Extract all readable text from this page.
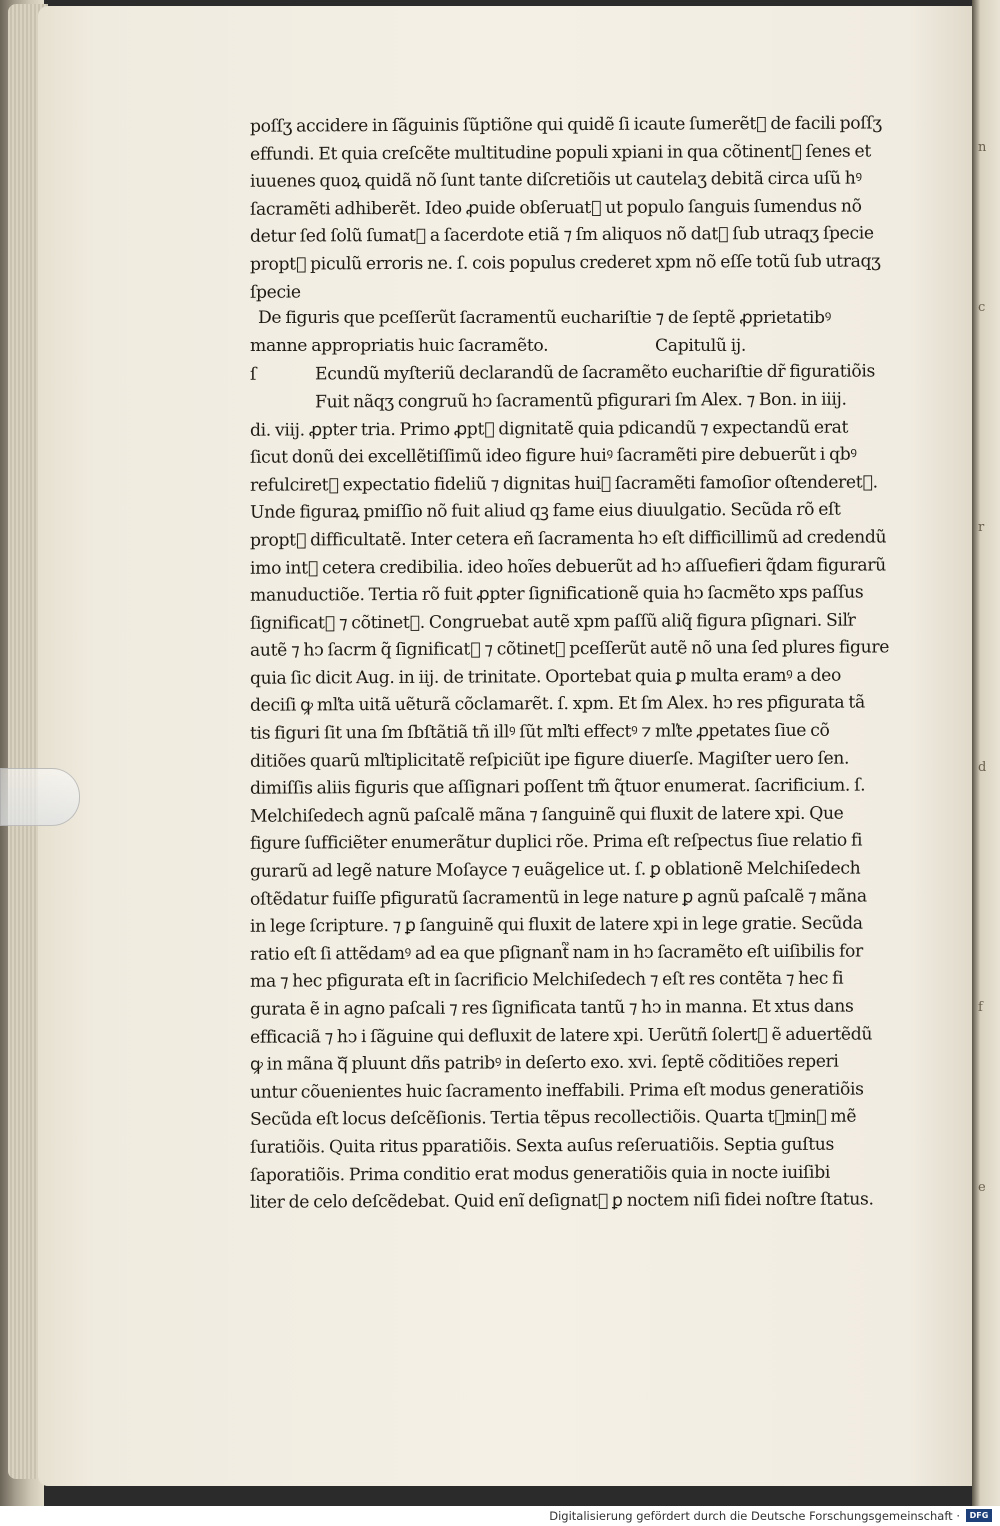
n
c
r
d
f
e
poſſʒ accidere in ſãguinis ſũptiõne qui quidẽ ſi icaute ſumerẽt᷑ de facili poſſʒ
effundi. Et quia creſcẽte multitudine populi xpiani in qua cõtinent᷑ ſenes et
iuuenes quoꝝ quidã nõ ſunt tante diſcretiõis ut cautelaʒ debitã circa uſũ hꝰ
ſacramẽti adhiberẽt. Ideo ꝓuide obſeruat᷑ ut populo ſanguis ſumendus nõ
detur ſed ſolũ ſumat᷑ a ſacerdote etiã ⁊ ſm aliquos nõ dat᷑ ſub utraqʒ ſpecie
propt᷑ piculũ erroris ne. ſ. cois populus crederet xpm nõ eſſe totũ ſub utraqʒ
ſpecie
De figuris que pceſſerũt ſacramentũ euchariſtie ⁊ de ſeptẽ ꝓprietatibꝰ
manne appropriatis huic ſacramẽto.	Capitulũ ij.
ſ	Ecundũ myſteriũ declarandũ de ſacramẽto euchariſtie dr̃ figuratiõis
Fuit nãqʒ congruũ hↄ ſacramentũ pfigurari ſm Alex. ⁊ Bon. in iiij.
di. viij. ꝓpter tria. Primo ꝓpt᷑ dignitatẽ quia pdicandũ ⁊ expectandũ erat
ſicut donũ dei excellẽtiſſimũ ideo figure huiꝰ ſacramẽti pire debuerũt i qbꝰ
refulciret᷑ expectatio fideliũ ⁊ dignitas huiꝰ ſacramẽti famoſior oſtenderet᷑.
Unde figuraꝝ pmiſſio nõ fuit aliud qꝫ fame eius diuulgatio. Secũda rõ eſt
propt᷑ difficultatẽ. Inter cetera eñ ſacramenta hↄ eſt difficillimũ ad credendũ
imo int᷑ cetera credibilia. ideo hoĩes debuerũt ad hↄ aſſuefieri q̃dam figurarũ
manuductiõe. Tertia rõ fuit ꝓpter ſignificationẽ quia hↄ ſacmẽto xps paſſus
ſignificat᷑ ⁊ cõtinet᷑. Congruebat autẽ xpm paſſũ aliq̃ figura pſignari. Siľr
autẽ ⁊ hↄ ſacrm q̃ ſignificat᷑ ⁊ cõtinet᷑ pceſſerũt autẽ nõ una ſed plures figure
quia ſic dicit Aug. in iij. de trinitate. Oportebat quia ꝑ multa eramꝰ a deo
deciſi ꝙ mľta uitã uẽturã cõclamarẽt. ſ. xpm. Et ſm Alex. hↄ res pfigurata tã
tis figuri ſit una ſm ſbſtãtiã tñ illꝰ ſũt mľti effectꝰ ⁊ mľte ꝓpetates ſiue cõ
ditiões quarũ mľtiplicitatẽ reſpiciũt ipe figure diuerſe. Magiſter uero ſen.
dimiſſis aliis figuris que aſſignari poſſent tm̃ q̃tuor enumerat. ſacrificium. ſ.
Melchiſedech agnũ paſcalẽ mãna ⁊ ſanguinẽ qui fluxit de latere xpi. Que
figure ſufficiẽter enumerãtur duplici rõe. Prima eſt reſpectus ſiue relatio fi
gurarũ ad legẽ nature Moſayce ⁊ euãgelice ut. ſ. ꝑ oblationẽ Melchiſedech
oſtẽdatur fuiſſe pfiguratũ ſacramentũ in lege nature ꝑ agnũ paſcalẽ ⁊ mãna
in lege ſcripture. ⁊ ꝑ ſanguinẽ qui fluxit de latere xpi in lege gratie. Secũda
ratio eſt ſi attẽdamꝰ ad ea que pſignant᷑ nam in hↄ ſacramẽto eſt uiſibilis for
ma ⁊ hec pfigurata eſt in ſacrificio Melchiſedech ⁊ eſt res contẽta ⁊ hec fi
gurata ẽ in agno paſcali ⁊ res ſignificata tantũ ⁊ hↄ in manna. Et xtus dans
efficaciã ⁊ hↄ i ſãguine qui defluxit de latere xpi. Uerũtñ ſolert᷑ ẽ aduertẽdũ
ꝙ in mãna qᷓ pluunt dñs patribꝰ in deſerto exo. xvi. ſeptẽ cõditiões reperi
untur cõuenientes huic ſacramento ineffabili. Prima eſt modus generatiõis
Secũda eſt locus deſcẽſionis. Tertia tẽpus recollectiõis. Quarta t᷑minꝰ mẽ
ſuratiõis. Quita ritus pparatiõis. Sexta auſus reſeruatiõis. Septia guſtus
ſaporatiõis. Prima conditio erat modus generatiõis quia in nocte iuiſibi
liter de celo deſcẽdebat. Quid enĩ deſignat᷑ ꝑ noctem niſi fidei noſtre ſtatus.
Digitalisierung gefördert durch die Deutsche Forschungsgemeinschaft ·	DFG
